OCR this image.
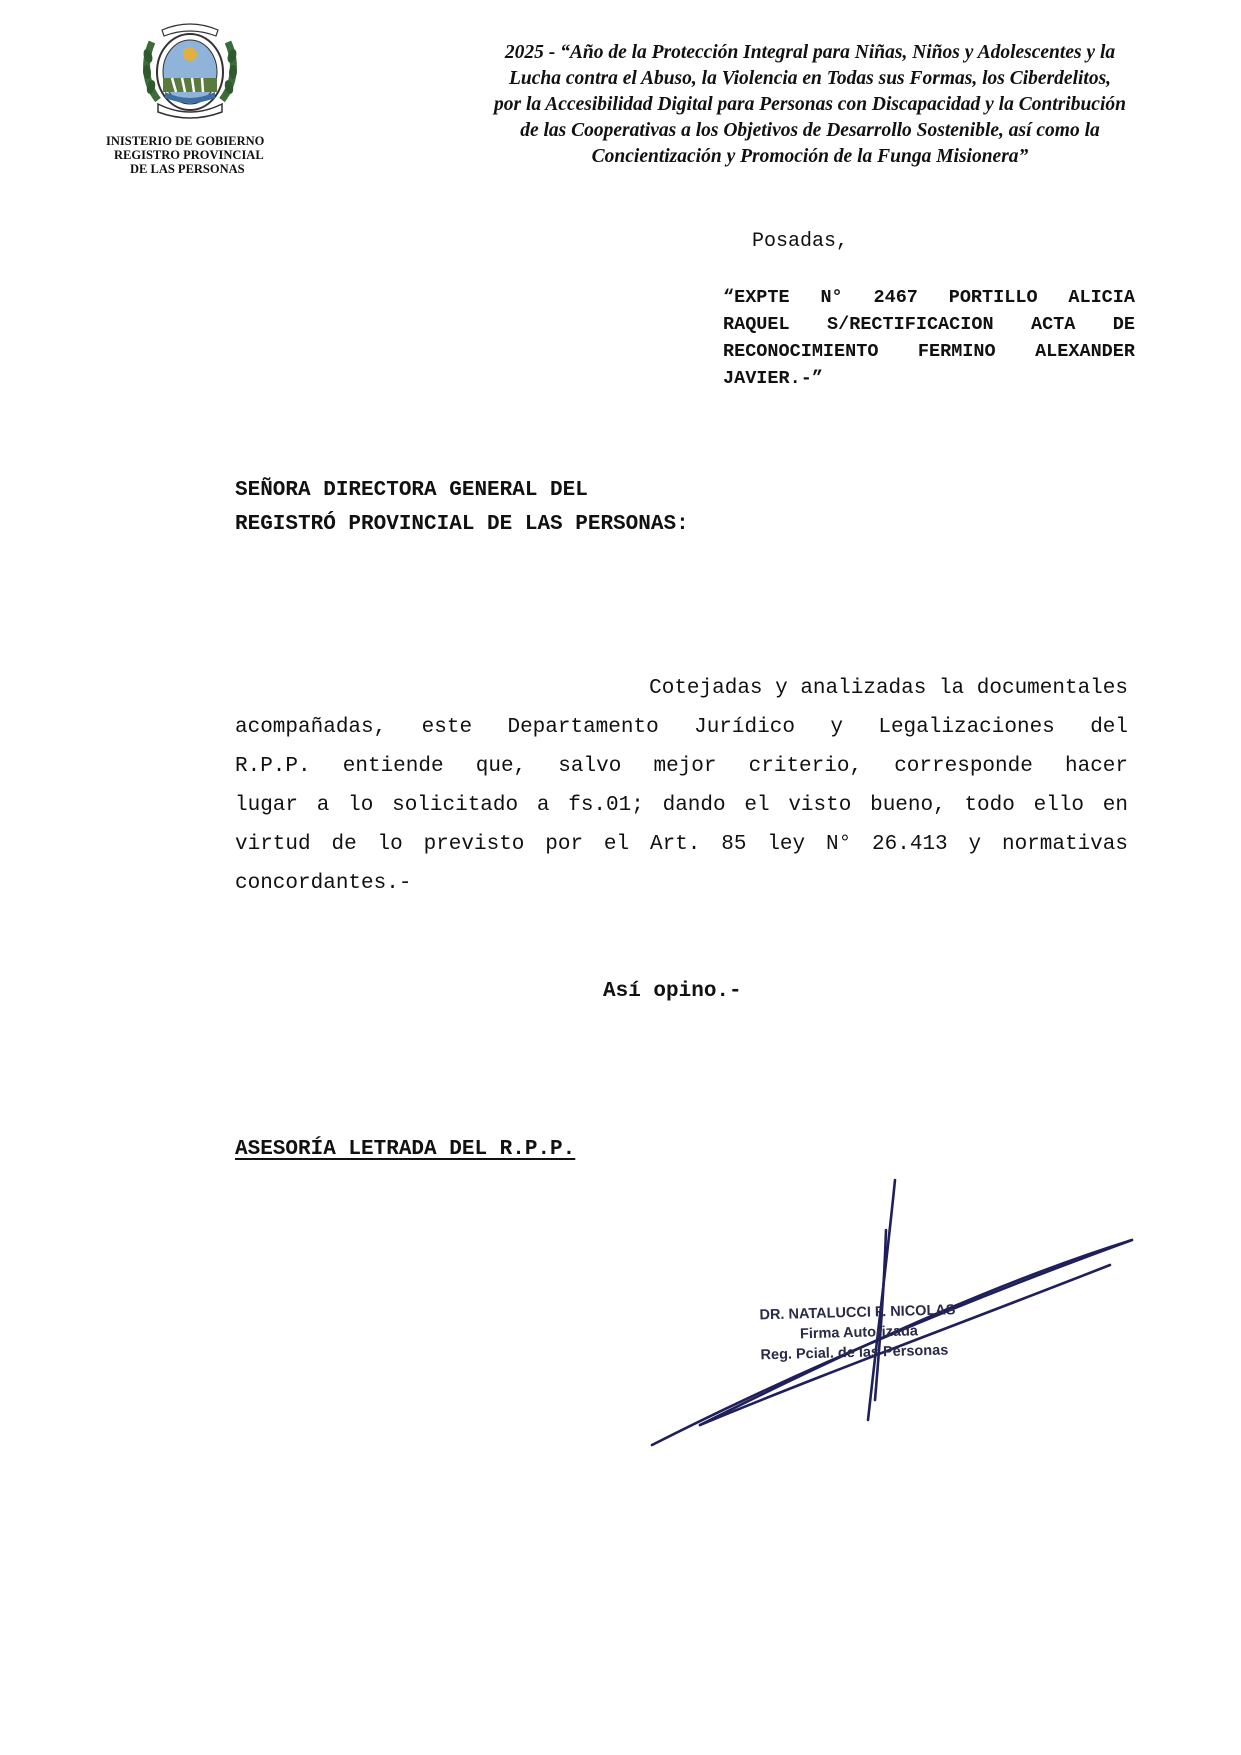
INISTERIO DE GOBIERNO
REGISTRO PROVINCIAL
DE LAS PERSONAS
2025 - “Año de la Protección Integral para Niñas, Niños y Adolescentes y la
Lucha contra el Abuso, la Violencia en Todas sus Formas, los Ciberdelitos,
por la Accesibilidad Digital para Personas con Discapacidad y la Contribución
de las Cooperativas a los Objetivos de Desarrollo Sostenible, así como la
Concientización y Promoción de la Funga Misionera”
Posadas,
“EXPTE N° 2467 PORTILLO ALICIA
RAQUEL S/RECTIFICACION ACTA DE
RECONOCIMIENTO FERMINO ALEXANDER
JAVIER.-”
SEÑORA DIRECTORA GENERAL DEL
REGISTRÓ PROVINCIAL DE LAS PERSONAS:
Cotejadas y analizadas la documentales
acompañadas, este Departamento Jurídico y Legalizaciones del
R.P.P. entiende que, salvo mejor criterio, corresponde hacer
lugar a lo solicitado a fs.01; dando el visto bueno, todo ello en
virtud de lo previsto por el Art. 85 ley N° 26.413 y normativas
concordantes.-
Así opino.-
ASESORÍA LETRADA DEL R.P.P.
DR. NATALUCCI F. NICOLAS
Firma Autorizada
Reg. Pcial. de las Personas
